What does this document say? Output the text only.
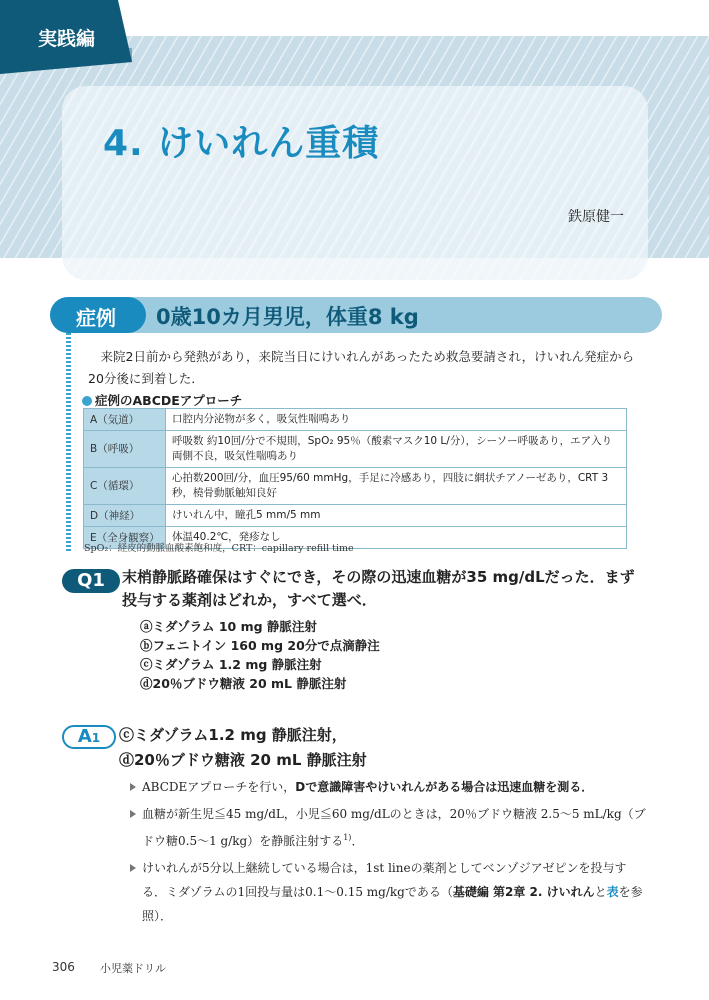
実践編
4. けいれん重積
鉄原健一
症例 0歳10カ月男児，体重8 kg

来院2日前から発熱があり，来院当日にけいれんがあったため救急要請され，けいれん発症から20分後に到着した．

症例のABCDEアプローチ
A（気道）	口腔内分泌物が多く，吸気性喘鳴あり
B（呼吸）	呼吸数 約10回/分で不規則，SpO₂ 95％（酸素マスク10 L/分），シーソー呼吸あり，エア入り両側不良，吸気性喘鳴あり
C（循環）	心拍数200回/分，血圧95/60 mmHg，手足に冷感あり，四肢に網状チアノーゼあり，CRT 3秒，橈骨動脈触知良好
D（神経）	けいれん中，瞳孔5 mm/5 mm
E（全身観察）	体温40.2℃，発疹なし
SpO₂：経皮的動脈血酸素飽和度，CRT：capillary refill time
Q1	末梢静脈路確保はすぐにでき，その際の迅速血糖が35 mg/dLだった．まず投与する薬剤はどれか，すべて選べ．
ⓐミダゾラム 10 mg 静脈注射
ⓑフェニトイン 160 mg 20分で点滴静注
ⓒミダゾラム 1.2 mg 静脈注射
ⓓ20％ブドウ糖液 20 mL 静脈注射
A1	ⓒミダゾラム1.2 mg 静脈注射，
ⓓ20％ブドウ糖液 20 mL 静脈注射
ABCDEアプローチを行い，Dで意識障害やけいれんがある場合は迅速血糖を測る．
血糖が新生児≦45 mg/dL，小児≦60 mg/dLのときは，20％ブドウ糖液 2.5～5 mL/kg（ブドウ糖0.5～1 g/kg）を静脈注射する$^{1)}$．
けいれんが5分以上継続している場合は，1st lineの薬剤としてベンゾジアゼピンを投与する．ミダゾラムの1回投与量は0.1～0.15 mg/kgである（基礎編 第2章 2. けいれんと表を参照）．
306 小児薬ドリル
